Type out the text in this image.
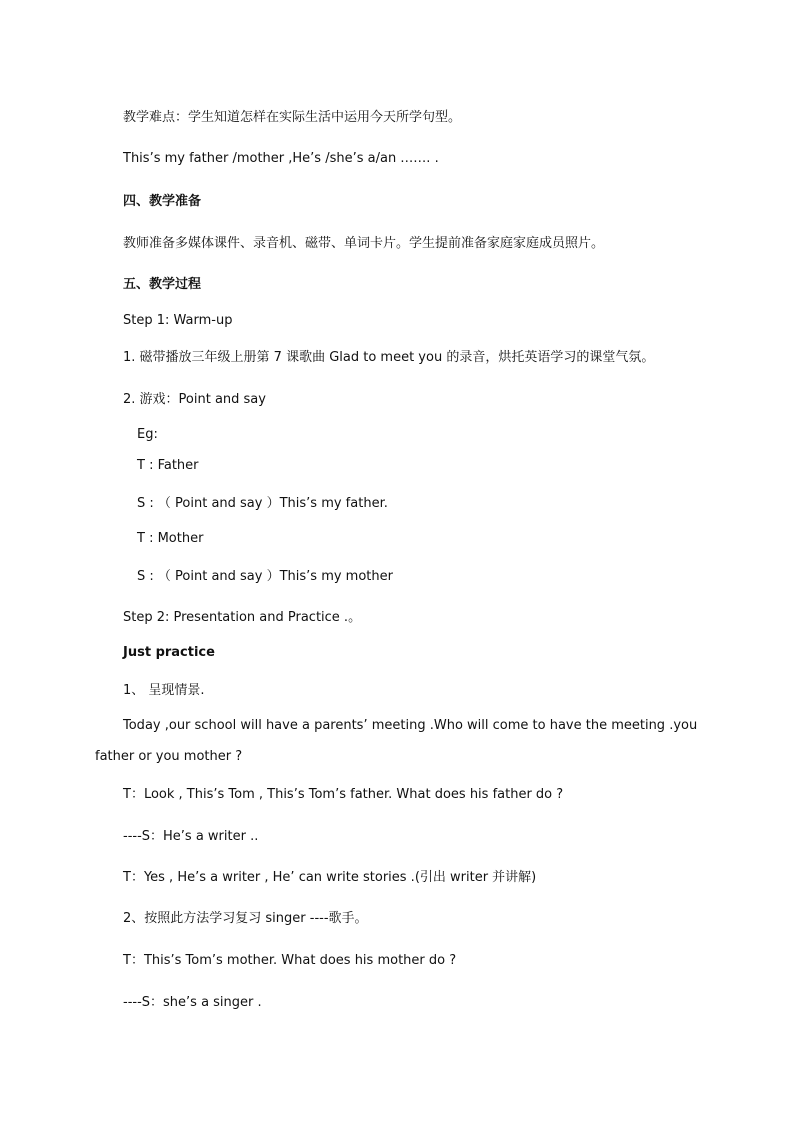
教学难点：学生知道怎样在实际生活中运用今天所学句型。
This’s my father /mother ,He’s /she’s a/an ……. .
四、教学准备
教师准备多媒体课件、录音机、磁带、单词卡片。学生提前准备家庭家庭成员照片。
五、教学过程
Step 1: Warm-up
1. 磁带播放三年级上册第 7 课歌曲 Glad to meet you 的录音，烘托英语学习的课堂气氛。
2. 游戏：Point and say
Eg:
T : Father
S : （ Point and say ）This’s my father.
T : Mother
S : （ Point and say ）This’s my mother
Step 2: Presentation and Practice .。
Just practice
1、 呈现情景.
Today ,our school will have a parents’ meeting .Who will come to have the meeting .you
father or you mother ?
T：Look , This’s Tom , This’s Tom’s father. What does his father do ?
----S：He’s a writer ..
T：Yes , He’s a writer , He’ can write stories .(引出 writer 并讲解)
2、按照此方法学习复习 singer ----歌手。
T：This’s Tom’s mother. What does his mother do ?
----S：she’s a singer .
